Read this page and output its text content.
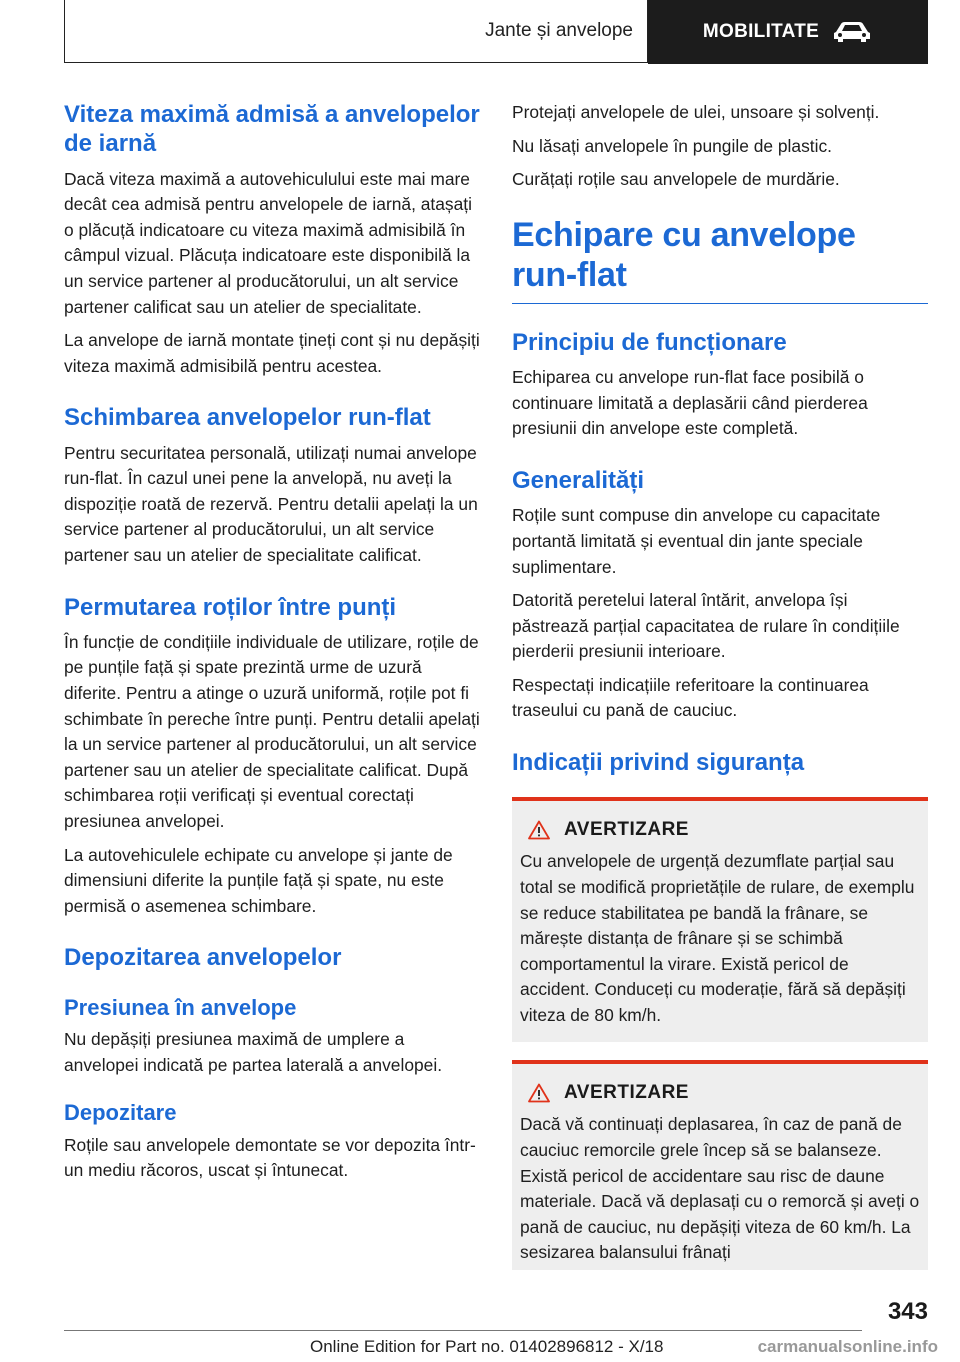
Jante și anvelope	MOBILITATE
Viteza maximă admisă a anvelopelor de iarnă

Dacă viteza maximă a autovehiculului este mai mare decât cea admisă pentru anvelopele de iarnă, atașați o plăcuță indicatoare cu viteza maximă admisibilă în câmpul vizual. Plăcuța indicatoare este disponibilă la un service partener al producătorului, un alt service partener calificat sau un atelier de specialitate.

La anvelope de iarnă montate țineți cont și nu depășiți viteza maximă admisibilă pentru acestea.

Schimbarea anvelopelor run-flat

Pentru securitatea personală, utilizați numai anvelope run-flat. În cazul unei pene la anvelopă, nu aveți la dispoziție roată de rezervă. Pentru detalii apelați la un service partener al producătorului, un alt service partener sau un atelier de specialitate calificat.

Permutarea roților între punți

În funcție de condițiile individuale de utilizare, roțile de pe punțile față și spate prezintă urme de uzură diferite. Pentru a atinge o uzură uniformă, roțile pot fi schimbate în pereche între punți. Pentru detalii apelați la un service partener al producătorului, un alt service partener sau un atelier de specialitate calificat. După schimbarea roții verificați și eventual corectați presiunea anvelopei.

La autovehiculele echipate cu anvelope și jante de dimensiuni diferite la punțile față și spate, nu este permisă o asemenea schimbare.

Depozitarea anvelopelor
Presiunea în anvelope

Nu depășiți presiunea maximă de umplere a anvelopei indicată pe partea laterală a anvelopei.

Depozitare

Roțile sau anvelopele demontate se vor depozita într-un mediu răcoros, uscat și întunecat.

Protejați anvelopele de ulei, unsoare și solvenți.

Nu lăsați anvelopele în pungile de plastic.

Curățați roțile sau anvelopele de murdărie.

Echipare cu anvelope run-flat
Principiu de funcționare

Echiparea cu anvelope run-flat face posibilă o continuare limitată a deplasării când pierderea presiunii din anvelope este completă.

Generalități

Roțile sunt compuse din anvelope cu capacitate portantă limitată și eventual din jante speciale suplimentare.

Datorită peretelui lateral întărit, anvelopa își păstrează parțial capacitatea de rulare în condițiile pierderii presiunii interioare.

Respectați indicațiile referitoare la continuarea traseului cu pană de cauciuc.

Indicații privind siguranța
AVERTIZARE

Cu anvelopele de urgență dezumflate parțial sau total se modifică proprietățile de rulare, de exemplu se reduce stabilitatea pe bandă la frânare, se mărește distanța de frânare și se schimbă comportamentul la virare. Există pericol de accident. Conduceți cu moderație, fără să depășiți viteza de 80 km/h.

AVERTIZARE

Dacă vă continuați deplasarea, în caz de pană de cauciuc remorcile grele încep să se balanseze. Există pericol de accidentare sau risc de daune materiale. Dacă vă deplasați cu o remorcă și aveți o pană de cauciuc, nu depășiți viteza de 60 km/h. La sesizarea balansului frânați

343
Online Edition for Part no. 01402896812 - X/18	carmanualsonline.info
